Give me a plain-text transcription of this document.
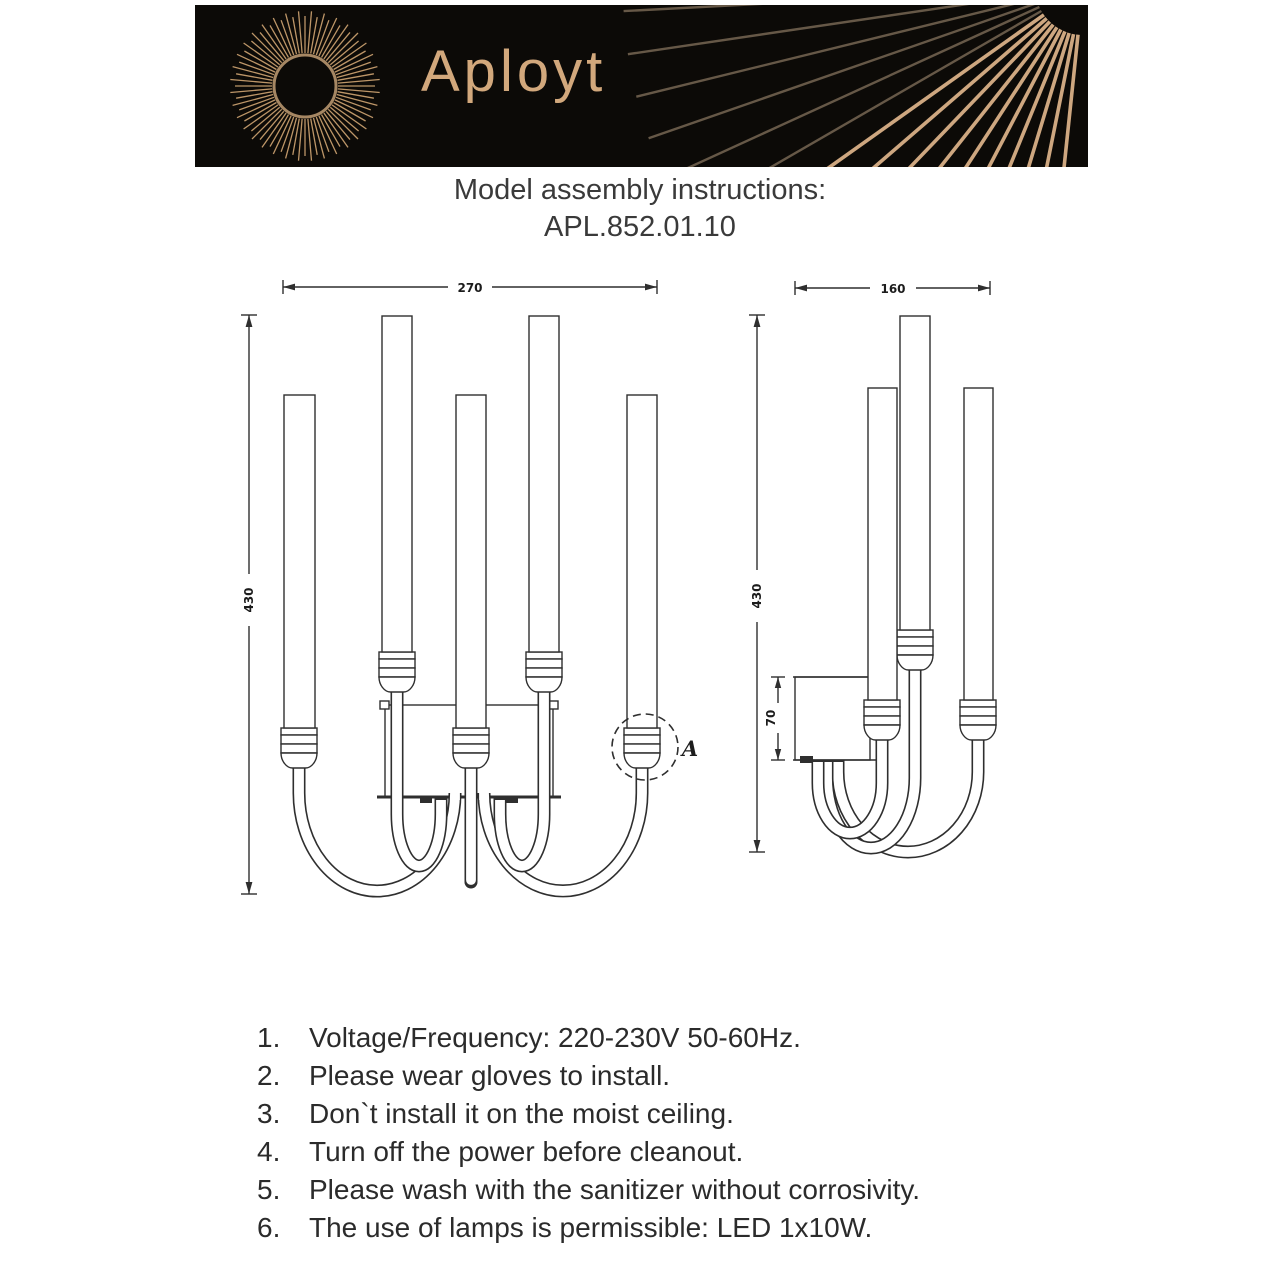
Aployt
Model assembly instructions:
APL.852.01.10
270
430
A
160
430
70
1.	Voltage/Frequency: 220-230V 50-60Hz.
2.	Please wear gloves to install.
3.	Don`t install it on the moist ceiling.
4.	Turn off the power before cleanout.
5.	Please wash with the sanitizer without corrosivity.
6.	The use of lamps is permissible: LED 1x10W.
